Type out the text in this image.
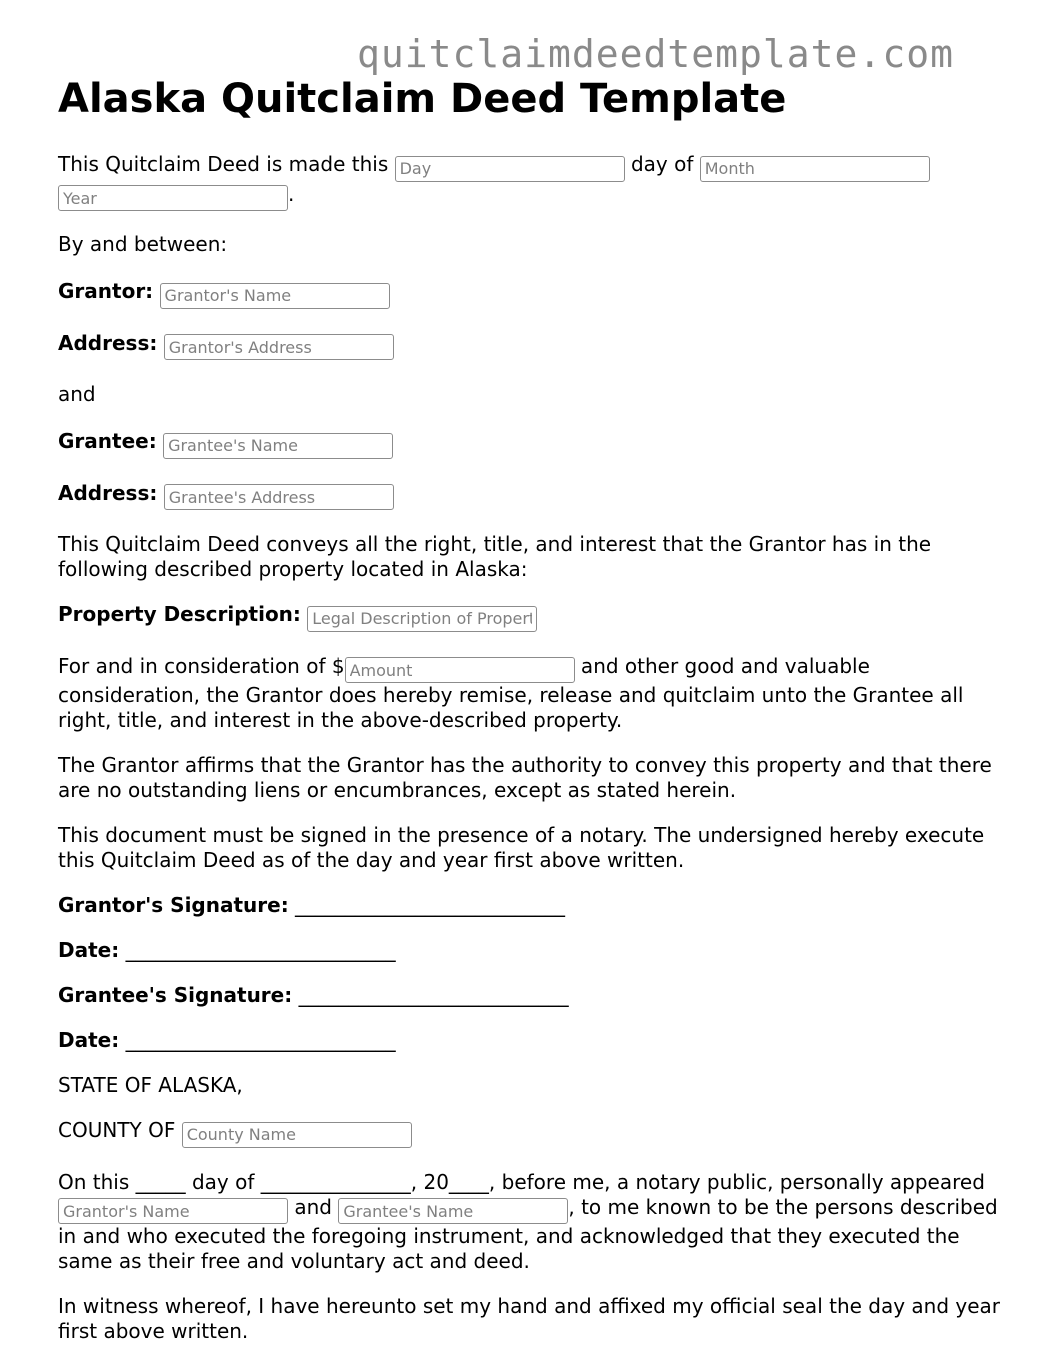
quitclaimdeedtemplate.com
Alaska Quitclaim Deed Template

This Quitclaim Deed is made this Day	day of Month
Year.

By and between:

Grantor: Grantor's Name

Address: Grantor's Address

and

Grantee: Grantee's Name

Address: Grantee's Address

This Quitclaim Deed conveys all the right, title, and interest that the Grantor has in the following described property located in Alaska:

Property Description: Legal Description of Property

For and in consideration of $Amount	and other good and valuable consideration, the Grantor does hereby remise, release and quitclaim unto the Grantee all right, title, and interest in the above-described property.

The Grantor affirms that the Grantor has the authority to convey this property and that there are no outstanding liens or encumbrances, except as stated herein.

This document must be signed in the presence of a notary. The undersigned hereby execute this Quitclaim Deed as of the day and year first above written.

Grantor's Signature: ___________________________

Date: ___________________________

Grantee's Signature: ___________________________

Date: ___________________________

STATE OF ALASKA,

COUNTY OF County Name

On this _____ day of _______________, 20____, before me, a notary public, personally appeared Grantor's Name and Grantee's Name	, to me known to be the persons described in and who executed the foregoing instrument, and acknowledged that they executed the same as their free and voluntary act and deed.

In witness whereof, I have hereunto set my hand and affixed my official seal the day and year first above written.
